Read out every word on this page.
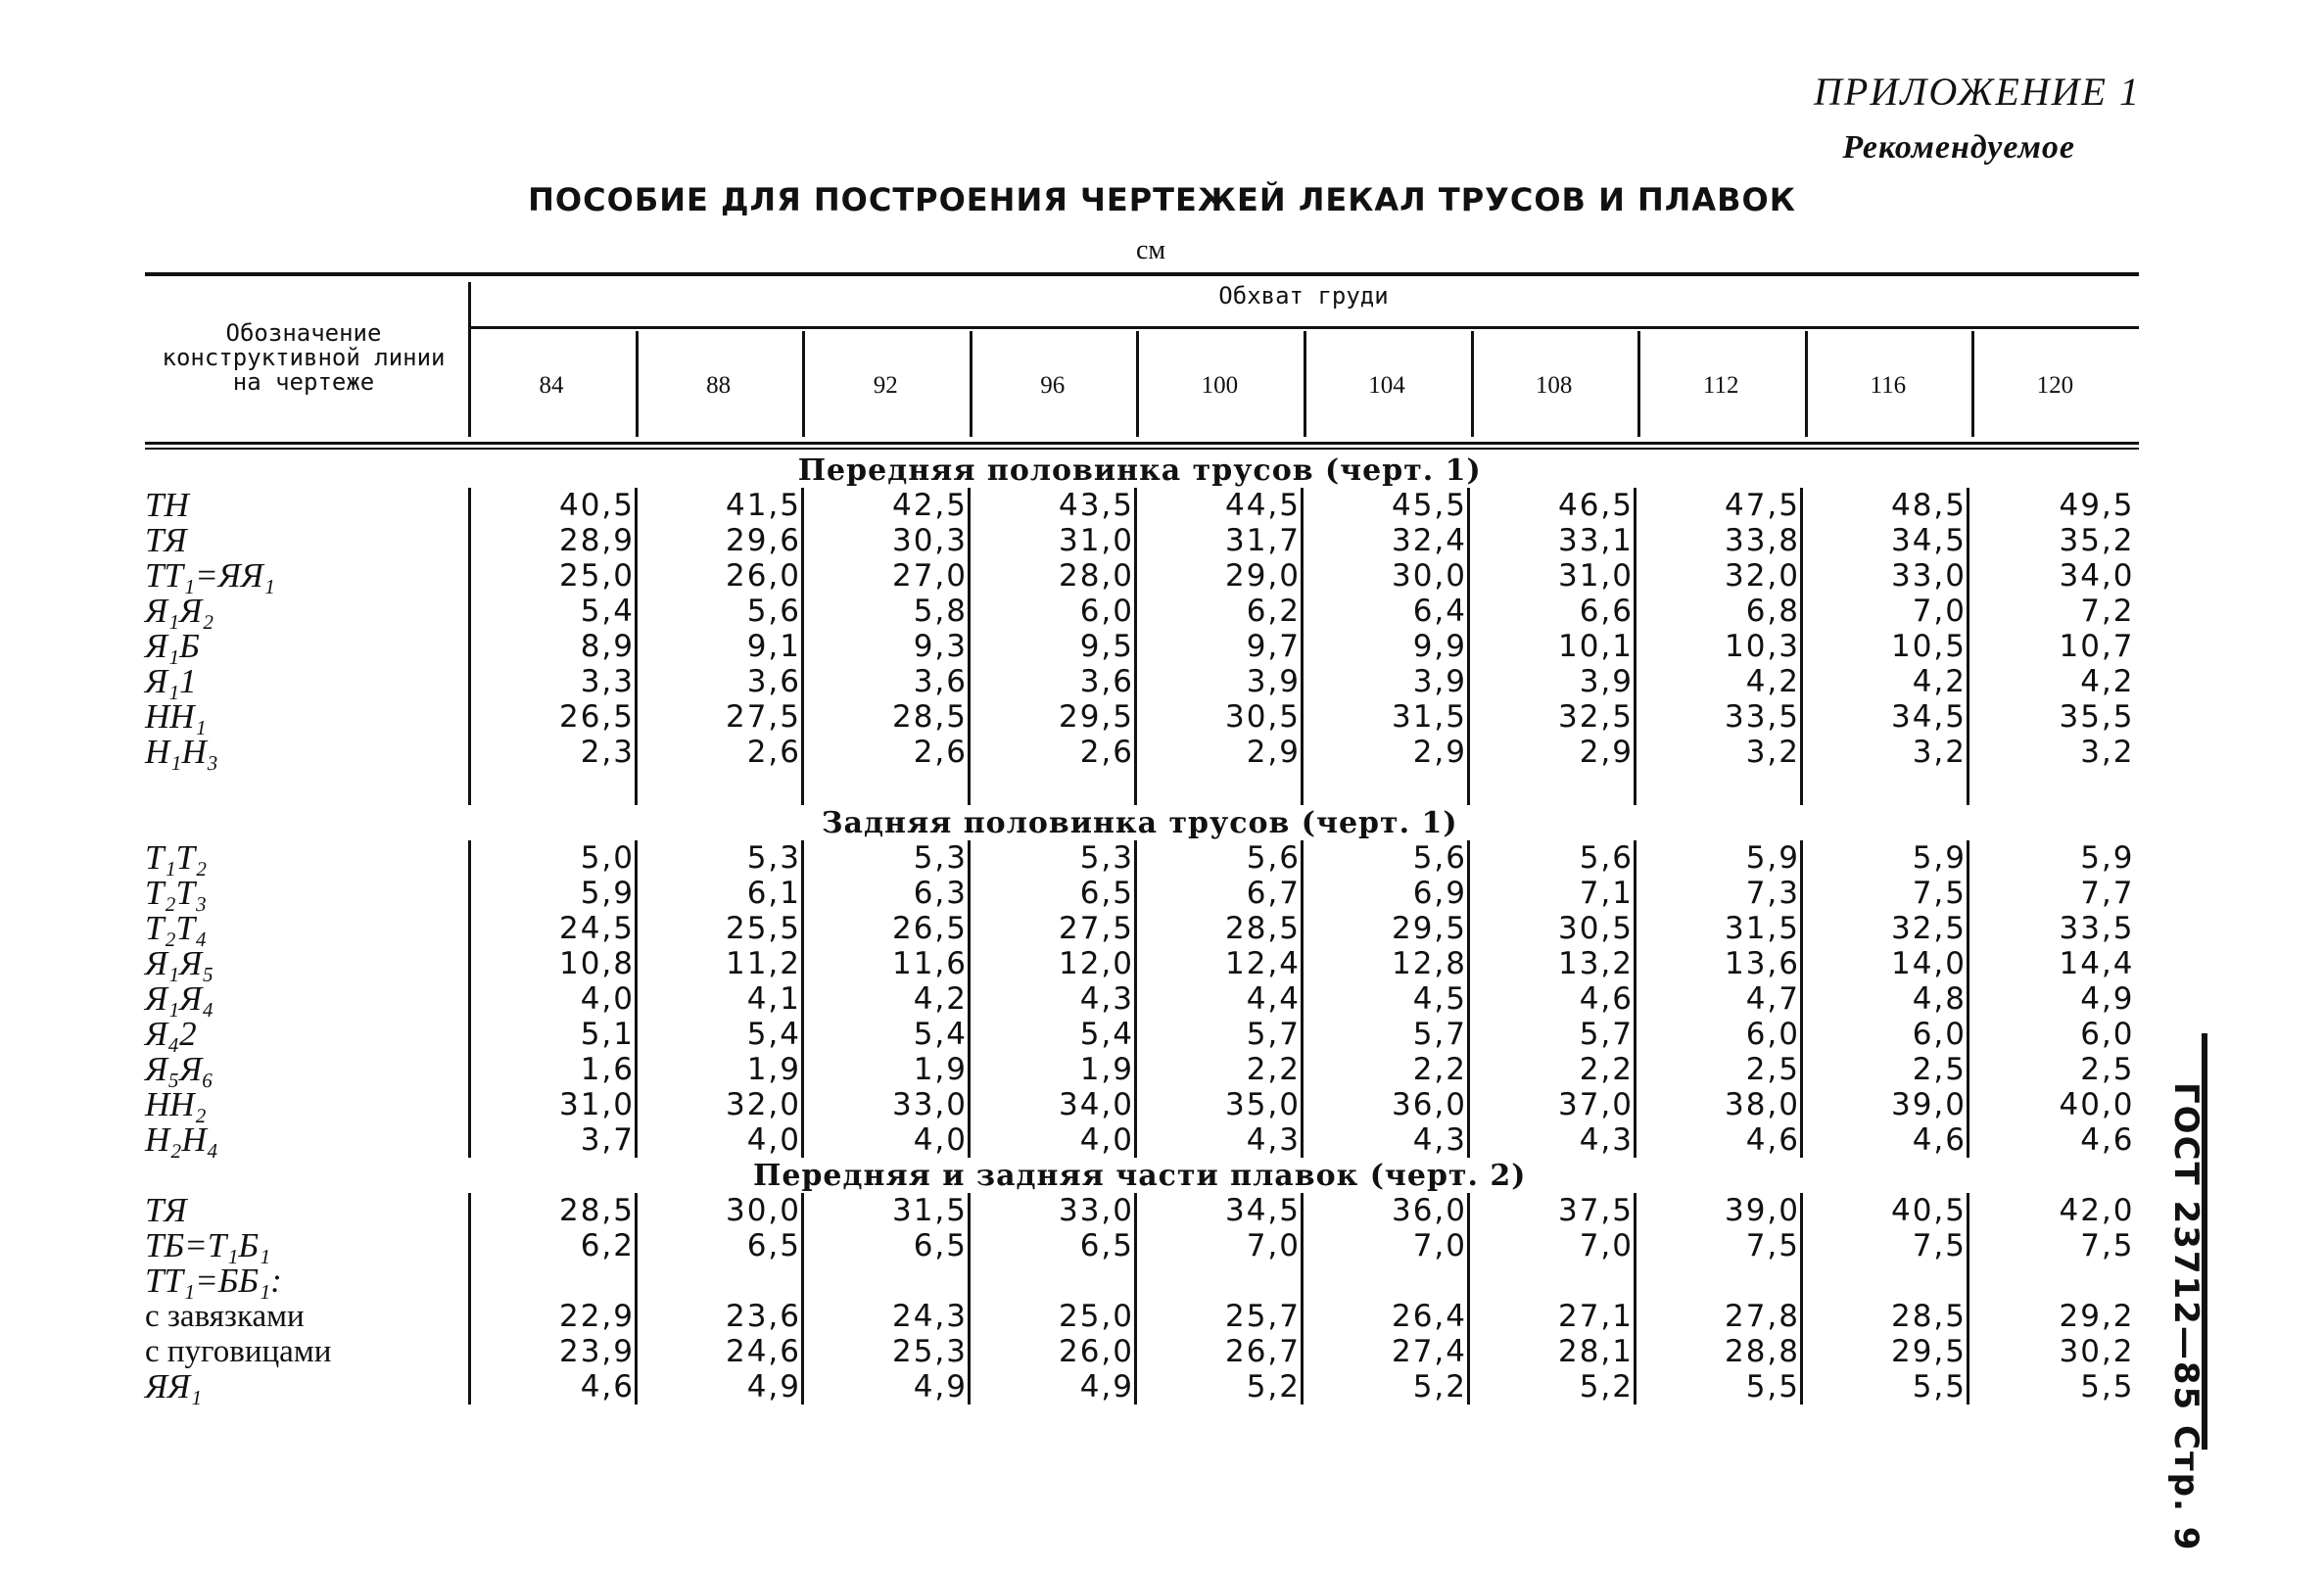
ПРИЛОЖЕНИЕ 1
Рекомендуемое
ПОСОБИЕ ДЛЯ ПОСТРОЕНИЯ ЧЕРТЕЖЕЙ ЛЕКАЛ ТРУСОВ И ПЛАВОК
см
ГОСТ 23712—85 Стр. 9
Обозначение конструктивной линии на чертеже
Обхват груди
84	88	92	96	100	104	108	112	116	120
Передняя половинка трусов (черт. 1)										
ТН	40,5	41,5	42,5	43,5	44,5	45,5	46,5	47,5	48,5	49,5
ТЯ	28,9	29,6	30,3	31,0	31,7	32,4	33,1	33,8	34,5	35,2
ТТ₁=ЯЯ₁	25,0	26,0	27,0	28,0	29,0	30,0	31,0	32,0	33,0	34,0
Я₁Я₂	5,4	5,6	5,8	6,0	6,2	6,4	6,6	6,8	7,0	7,2
Я₁Б	8,9	9,1	9,3	9,5	9,7	9,9	10,1	10,3	10,5	10,7
Я₁1	3,3	3,6	3,6	3,6	3,9	3,9	3,9	4,2	4,2	4,2
НН₁	26,5	27,5	28,5	29,5	30,5	31,5	32,5	33,5	34,5	35,5
Н₁Н₃	2,3	2,6	2,6	2,6	2,9	2,9	2,9	3,2	3,2	3,2

Задняя половинка трусов (черт. 1)										
Т₁Т₂	5,0	5,3	5,3	5,3	5,6	5,6	5,6	5,9	5,9	5,9
Т₂Т₃	5,9	6,1	6,3	6,5	6,7	6,9	7,1	7,3	7,5	7,7
Т₂Т₄	24,5	25,5	26,5	27,5	28,5	29,5	30,5	31,5	32,5	33,5
Я₁Я₅	10,8	11,2	11,6	12,0	12,4	12,8	13,2	13,6	14,0	14,4
Я₁Я₄	4,0	4,1	4,2	4,3	4,4	4,5	4,6	4,7	4,8	4,9
Я₄2	5,1	5,4	5,4	5,4	5,7	5,7	5,7	6,0	6,0	6,0
Я₅Я₆	1,6	1,9	1,9	1,9	2,2	2,2	2,2	2,5	2,5	2,5
НН₂	31,0	32,0	33,0	34,0	35,0	36,0	37,0	38,0	39,0	40,0
Н₂Н₄	3,7	4,0	4,0	4,0	4,3	4,3	4,3	4,6	4,6	4,6
Передняя и задняя части плавок (черт. 2)										
ТЯ	28,5	30,0	31,5	33,0	34,5	36,0	37,5	39,0	40,5	42,0
ТБ=Т₁Б₁	6,2	6,5	6,5	6,5	7,0	7,0	7,0	7,5	7,5	7,5
ТТ₁=ББ₁:										
с завязками	22,9	23,6	24,3	25,0	25,7	26,4	27,1	27,8	28,5	29,2
с пуговицами	23,9	24,6	25,3	26,0	26,7	27,4	28,1	28,8	29,5	30,2
ЯЯ₁	4,6	4,9	4,9	4,9	5,2	5,2	5,2	5,5	5,5	5,5
